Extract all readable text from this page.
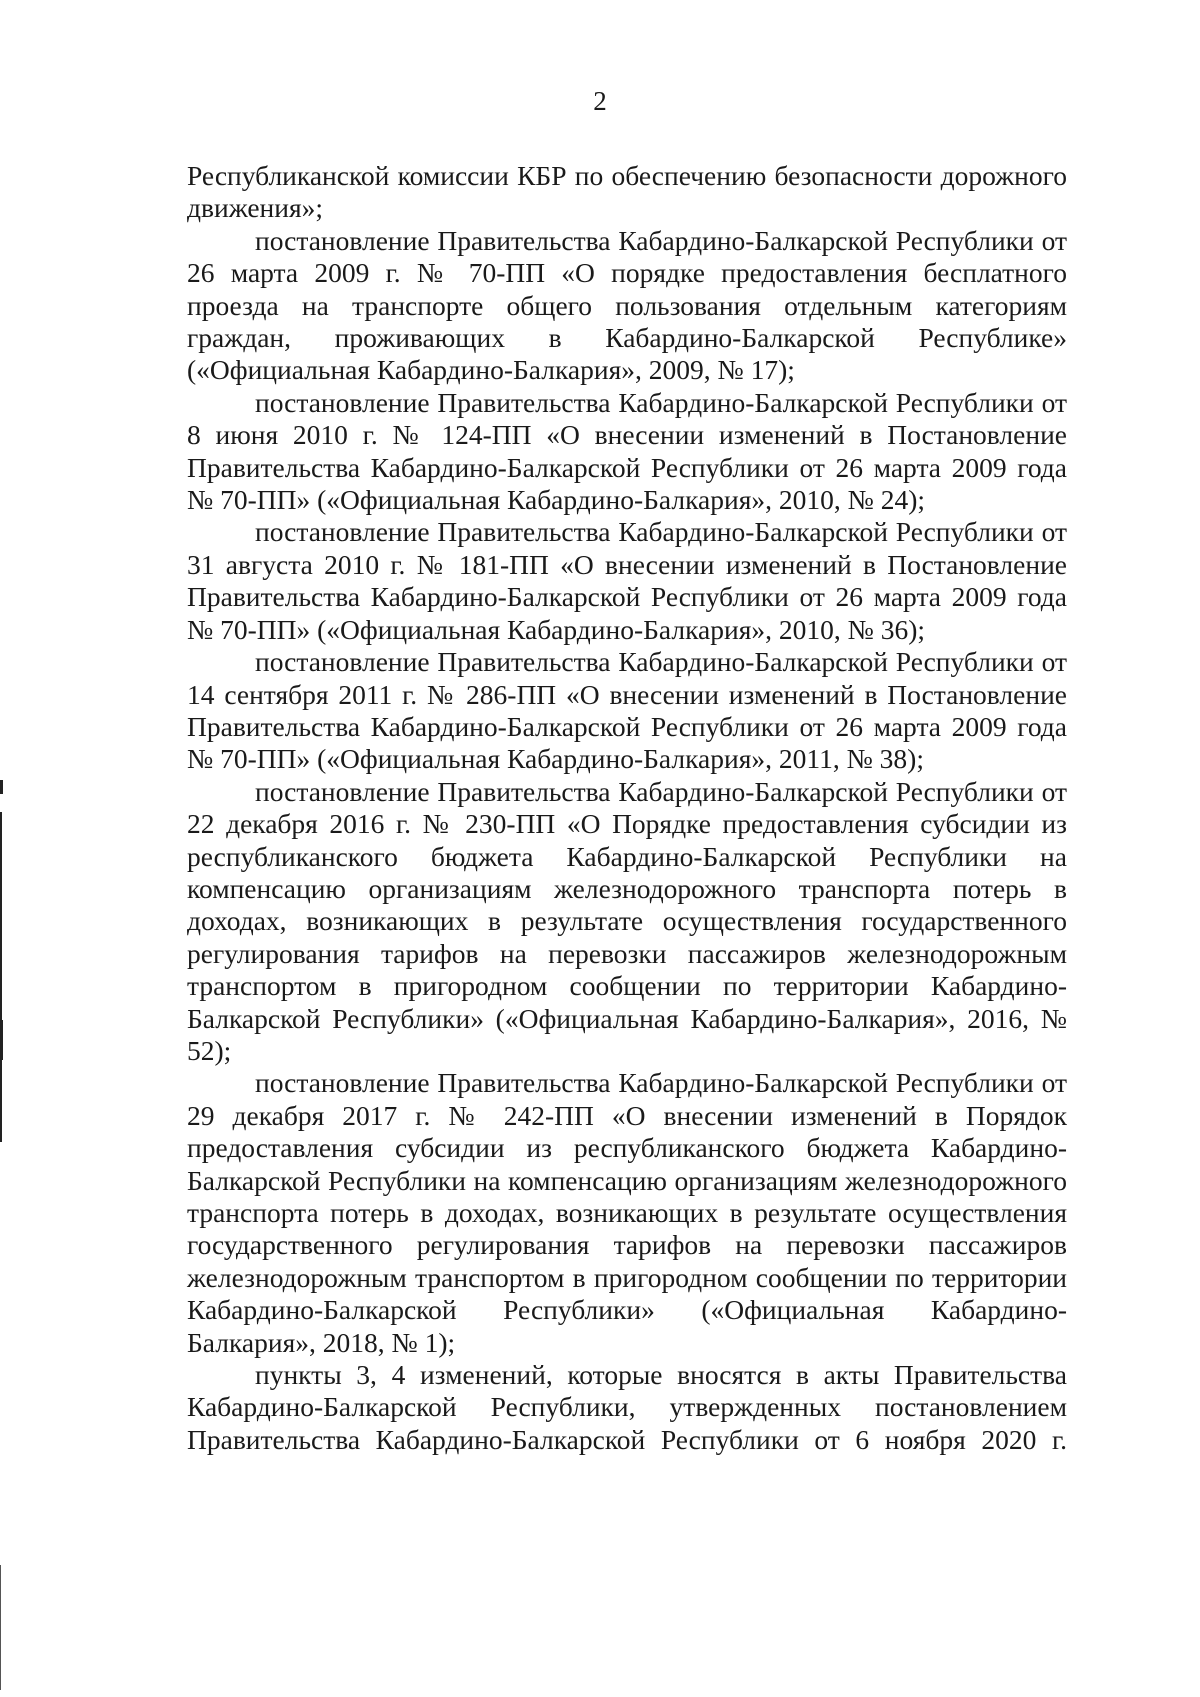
2

Республиканской комиссии КБР по обеспечению безопасности дорожного движения»;

постановление Правительства Кабардино-Балкарской Республики от 26 марта 2009 г. № 70-ПП «О порядке предоставления бесплатного проезда на транспорте общего пользования отдельным категориям граждан, проживающих в Кабардино-Балкарской Республике» («Официальная Кабардино-Балкария», 2009, № 17);

постановление Правительства Кабардино-Балкарской Республики от 8 июня 2010 г. № 124-ПП «О внесении изменений в Постановление Правительства Кабардино-Балкарской Республики от 26 марта 2009 года № 70-ПП» («Официальная Кабардино-Балкария», 2010, № 24);

постановление Правительства Кабардино-Балкарской Республики от 31 августа 2010 г. № 181-ПП «О внесении изменений в Постановление Правительства Кабардино-Балкарской Республики от 26 марта 2009 года № 70-ПП» («Официальная Кабардино-Балкария», 2010, № 36);

постановление Правительства Кабардино-Балкарской Республики от 14 сентября 2011 г. № 286-ПП «О внесении изменений в Постановление Правительства Кабардино-Балкарской Республики от 26 марта 2009 года № 70-ПП» («Официальная Кабардино-Балкария», 2011, № 38);

постановление Правительства Кабардино-Балкарской Республики от 22 декабря 2016 г. № 230-ПП «О Порядке предоставления субсидии из республиканского бюджета Кабардино-Балкарской Республики на компенсацию организациям железнодорожного транспорта потерь в доходах, возникающих в результате осуществления государственного регулирования тарифов на перевозки пассажиров железнодорожным транспортом в пригородном сообщении по территории Кабардино-Балкарской Республики» («Официальная Кабардино-Балкария», 2016, № 52);

постановление Правительства Кабардино-Балкарской Республики от 29 декабря 2017 г. № 242-ПП «О внесении изменений в Порядок предоставления субсидии из республиканского бюджета Кабардино-Балкарской Республики на компенсацию организациям железнодорожного транспорта потерь в доходах, возникающих в результате осуществления государственного регулирования тарифов на перевозки пассажиров железнодорожным транспортом в пригородном сообщении по территории Кабардино-Балкарской Республики» («Официальная Кабардино-Балкария», 2018, № 1);

пункты 3, 4 изменений, которые вносятся в акты Правительства Кабардино-Балкарской Республики, утвержденных постановлением Правительства Кабардино-Балкарской Республики от 6 ноября 2020 г.
